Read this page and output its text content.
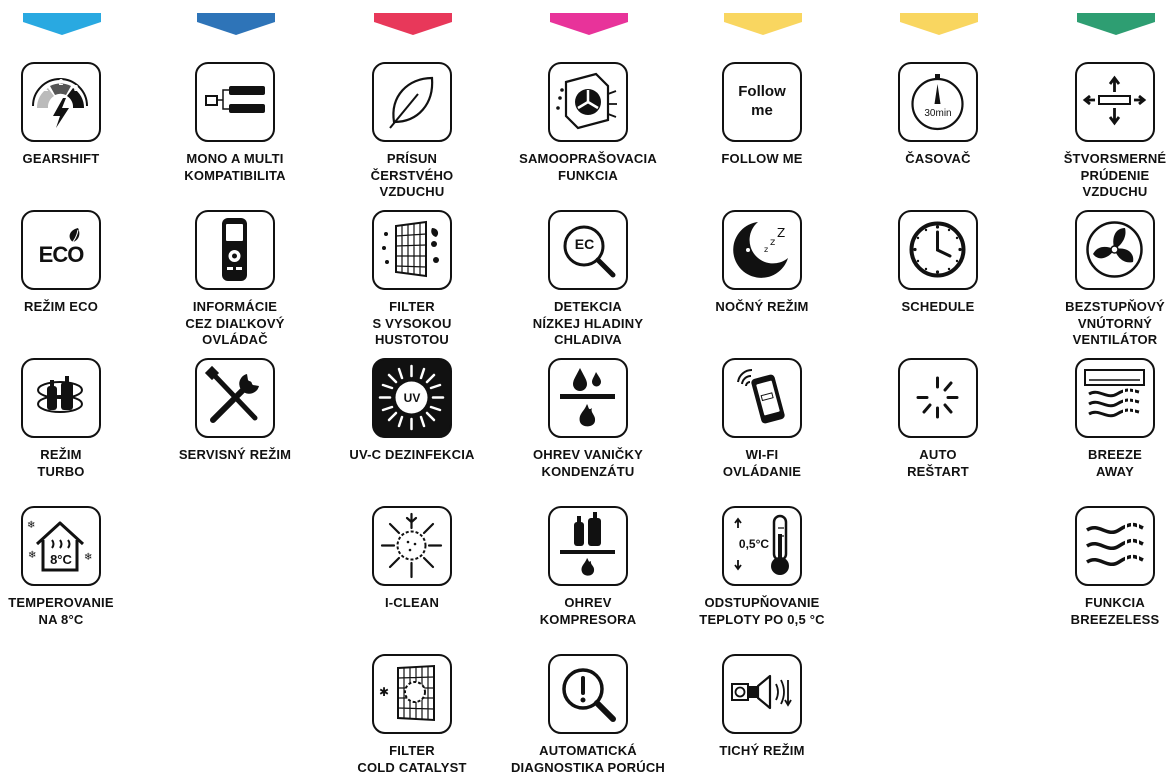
1
2
3
GEARSHIFT
ECO
REŽIM ECO
REŽIM
TURBO
❄
❄
❄	8°C
TEMPEROVANIE
NA 8°C
MONO A MULTI
KOMPATIBILITA
INFORMÁCIE
CEZ DIAĽKOVÝ
OVLÁDAČ
SERVISNÝ REŽIM
PRÍSUN
ČERSTVÉHO
VZDUCHU
FILTER
S VYSOKOU
HUSTOTOU
UV
UV-C DEZINFEKCIA
I-CLEAN
✱
FILTER
COLD CATALYST
SAMOOPRAŠOVACIA
FUNKCIA
EC
DETEKCIA
NÍZKEJ HLADINY
CHLADIVA
OHREV VANIČKY
KONDENZÁTU
OHREV
KOMPRESORA
AUTOMATICKÁ
DIAGNOSTIKA PORÚCH
Follow
me
FOLLOW ME
z
z
Z
NOČNÝ REŽIM
WI-FI
OVLÁDANIE
0,5°C
ODSTUPŇOVANIE
TEPLOTY PO 0,5 °C
TICHÝ REŽIM
30min
ČASOVAČ
SCHEDULE
AUTO
REŠTART
ŠTVORSMERNÉ
PRÚDENIE
VZDUCHU
BEZSTUPŇOVÝ
VNÚTORNÝ
VENTILÁTOR
BREEZE
AWAY
FUNKCIA
BREEZELESS
